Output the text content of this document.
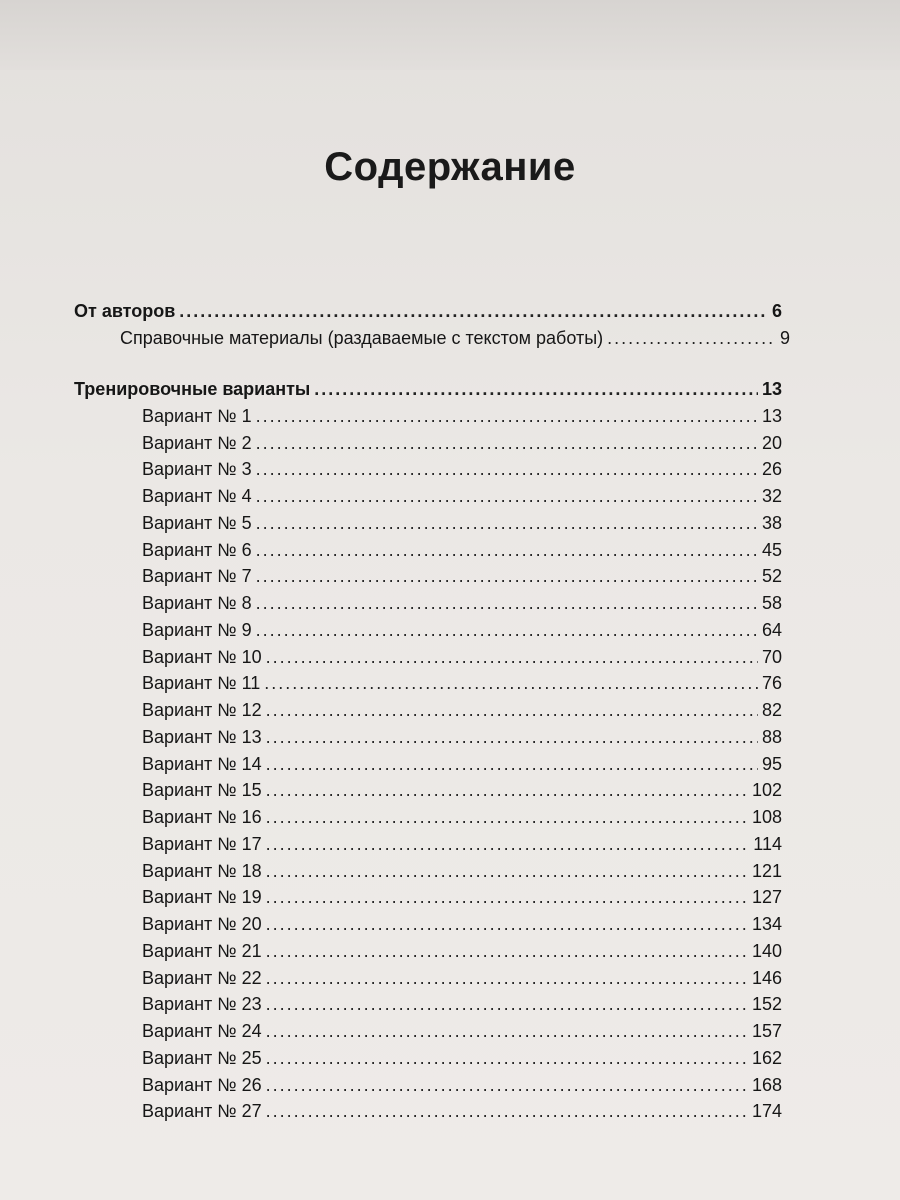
Содержание
От авторов .....	6
Справочные материалы (раздаваемые с текстом работы) .....	9
Тренировочные варианты .....	13
Вариант № 1 .....	13
Вариант № 2 .....	20
Вариант № 3 .....	26
Вариант № 4 .....	32
Вариант № 5 .....	38
Вариант № 6 .....	45
Вариант № 7 .....	52
Вариант № 8 .....	58
Вариант № 9 .....	64
Вариант № 10 .....	70
Вариант № 11 .....	76
Вариант № 12 .....	82
Вариант № 13 .....	88
Вариант № 14 .....	95
Вариант № 15 .....	102
Вариант № 16 .....	108
Вариант № 17 .....	114
Вариант № 18 .....	121
Вариант № 19 .....	127
Вариант № 20 .....	134
Вариант № 21 .....	140
Вариант № 22 .....	146
Вариант № 23 .....	152
Вариант № 24 .....	157
Вариант № 25 .....	162
Вариант № 26 .....	168
Вариант № 27 .....	174
